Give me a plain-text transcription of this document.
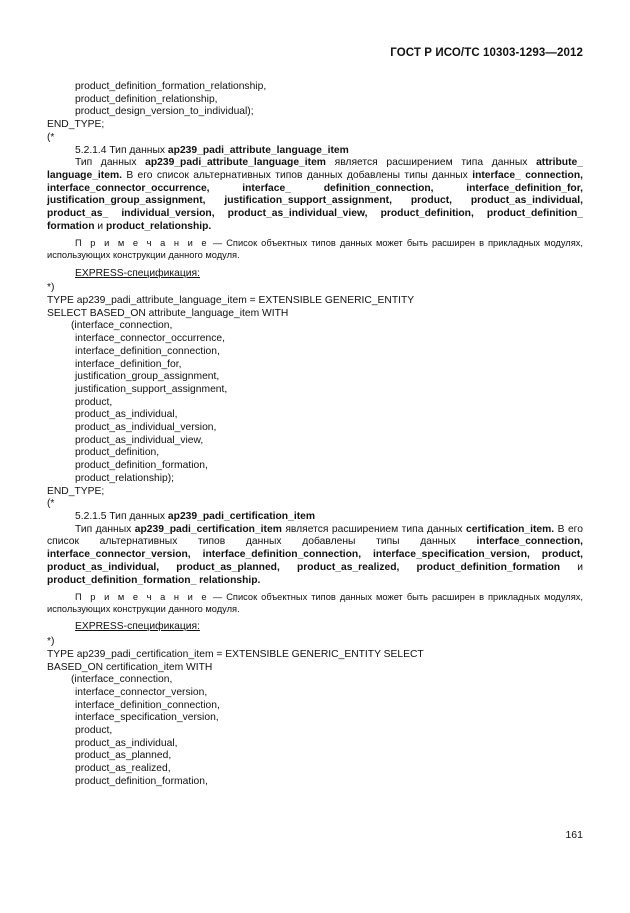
ГОСТ Р ИСО/ТС 10303-1293—2012
product_definition_formation_relationship,
product_definition_relationship,
product_design_version_to_individual);
END_TYPE;
(*
5.2.1.4 Тип данных ap239_padi_attribute_language_item
Тип данных ap239_padi_attribute_language_item является расширением типа данных attribute_ language_item. В его список альтернативных типов данных добавлены типы данных interface_ connection, interface_connector_occurrence, interface_ definition_connection, interface_definition_for, justification_group_assignment, justification_support_assignment, product, product_as_individual, product_as_ individual_version, product_as_individual_view, product_definition, product_definition_ formation и product_relationship.
П р и м е ч а н и е — Список объектных типов данных может быть расширен в прикладных модулях, использующих конструкции данного модуля.
EXPRESS-спецификация:
*)
TYPE ap239_padi_attribute_language_item = EXTENSIBLE GENERIC_ENTITY
SELECT BASED_ON attribute_language_item WITH
(interface_connection,
interface_connector_occurrence,
interface_definition_connection,
interface_definition_for,
justification_group_assignment,
justification_support_assignment,
product,
product_as_individual,
product_as_individual_version,
product_as_individual_view,
product_definition,
product_definition_formation,
product_relationship);
END_TYPE;
(*
5.2.1.5 Тип данных ap239_padi_certification_item
Тип данных ap239_padi_certification_item является расширением типа данных certification_item. В его список альтернативных типов данных добавлены типы данных interface_connection, interface_connector_version, interface_definition_connection, interface_specification_version, product, product_as_individual, product_as_planned, product_as_realized, product_definition_formation и product_definition_formation_ relationship.
П р и м е ч а н и е — Список объектных типов данных может быть расширен в прикладных модулях, использующих конструкции данного модуля.
EXPRESS-спецификация:
*)
TYPE ap239_padi_certification_item = EXTENSIBLE GENERIC_ENTITY SELECT
BASED_ON certification_item WITH
(interface_connection,
interface_connector_version,
interface_definition_connection,
interface_specification_version,
product,
product_as_individual,
product_as_planned,
product_as_realized,
product_definition_formation,
161
